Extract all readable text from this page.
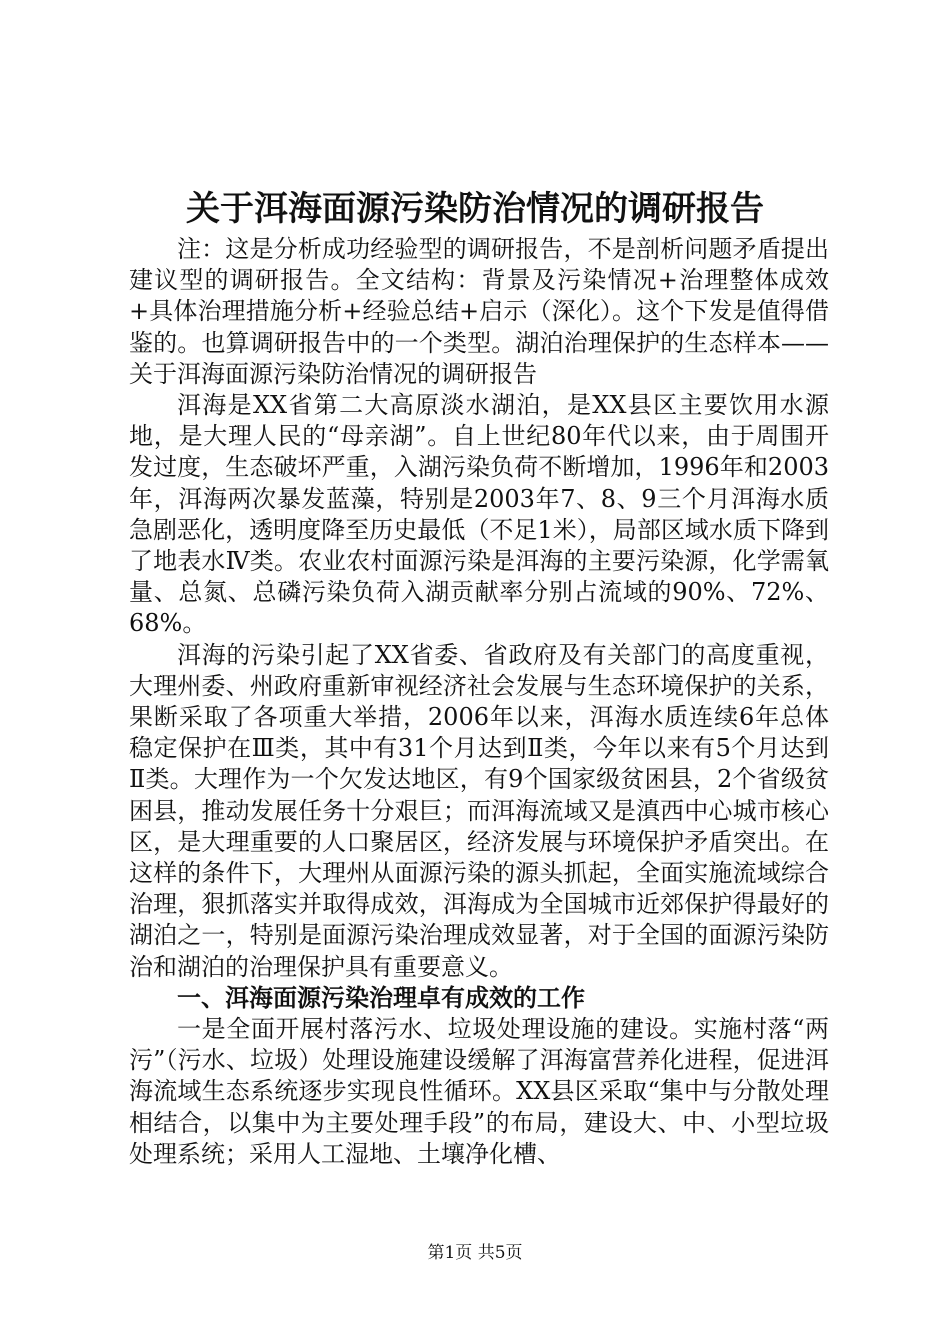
关于洱海面源污染防治情况的调研报告

注：这是分析成功经验型的调研报告，不是剖析问题矛盾提出建议型的调研报告。全文结构：背景及污染情况+治理整体成效+具体治理措施分析+经验总结+启示（深化）。这个下发是值得借鉴的。也算调研报告中的一个类型。湖泊治理保护的生态样本——关于洱海面源污染防治情况的调研报告

洱海是XX省第二大高原淡水湖泊，是XX县区主要饮用水源地，是大理人民的“母亲湖”。自上世纪80年代以来，由于周围开发过度，生态破坏严重，入湖污染负荷不断增加，1996年和2003年，洱海两次暴发蓝藻，特别是2003年7、8、9三个月洱海水质急剧恶化，透明度降至历史最低（不足1米），局部区域水质下降到了地表水Ⅳ类。农业农村面源污染是洱海的主要污染源，化学需氧量、总氮、总磷污染负荷入湖贡献率分别占流域的90%、72%、68%。

洱海的污染引起了XX省委、省政府及有关部门的高度重视，大理州委、州政府重新审视经济社会发展与生态环境保护的关系，果断采取了各项重大举措，2006年以来，洱海水质连续6年总体稳定保护在Ⅲ类，其中有31个月达到Ⅱ类，今年以来有5个月达到Ⅱ类。大理作为一个欠发达地区，有9个国家级贫困县，2个省级贫困县，推动发展任务十分艰巨；而洱海流域又是滇西中心城市核心区，是大理重要的人口聚居区，经济发展与环境保护矛盾突出。在这样的条件下，大理州从面源污染的源头抓起，全面实施流域综合治理，狠抓落实并取得成效，洱海成为全国城市近郊保护得最好的湖泊之一，特别是面源污染治理成效显著，对于全国的面源污染防治和湖泊的治理保护具有重要意义。

一、洱海面源污染治理卓有成效的工作

一是全面开展村落污水、垃圾处理设施的建设。实施村落“两污”（污水、垃圾）处理设施建设缓解了洱海富营养化进程，促进洱海流域生态系统逐步实现良性循环。XX县区采取“集中与分散处理相结合，以集中为主要处理手段”的布局，建设大、中、小型垃圾处理系统；采用人工湿地、土壤净化槽、

第1页 共5页
